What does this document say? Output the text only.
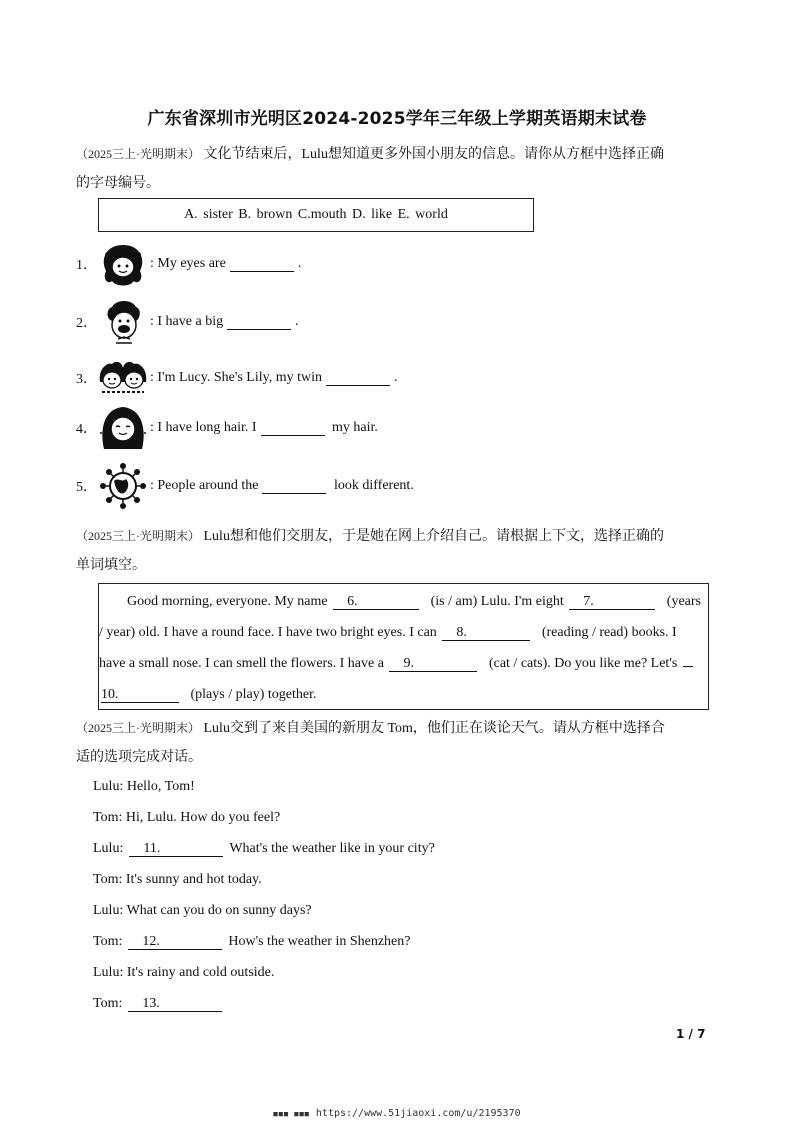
广东省深圳市光明区2024-2025学年三年级上学期英语期末试卷
（2025三上·光明期末） 文化节结束后，Lulu想知道更多外国小朋友的信息。请你从方框中选择正确
的字母编号。
A. sister B. brown C.mouth D. like E. world
1．	: My eyes are	.
2．	: I have a big	.
3．	: I'm Lucy. She's Lily, my twin	.
4．	: I have long hair. I
	my hair.
5．	: People around the
	look different.
（2025三上·光明期末） Lulu想和他们交朋友，于是她在网上介绍自己。请根据上下文，选择正确的
单词填空。
Good morning, everyone. My name 6.	(is / am) Lulu. I'm eight 7.	(years
/ year) old. I have a round face. I have two bright eyes. I can 8.	(reading / read) books. I
have a small nose. I can smell the flowers. I have a 9.	(cat / cats). Do you like me? Let's
10.	(plays / play) together.
（2025三上·光明期末） Lulu交到了来自美国的新朋友 Tom，他们正在谈论天气。请从方框中选择合
适的选项完成对话。
Lulu: Hello, Tom!
Tom: Hi, Lulu. How do you feel?
Lulu: 11.	What's the weather like in your city?
Tom: It's sunny and hot today.
Lulu: What can you do on sunny days?
Tom: 12.	How's the weather in Shenzhen?
Lulu: It's rainy and cold outside.
Tom: 13.
1 / 7
■■■ ■■■ https://www.51jiaoxi.com/u/2195370
